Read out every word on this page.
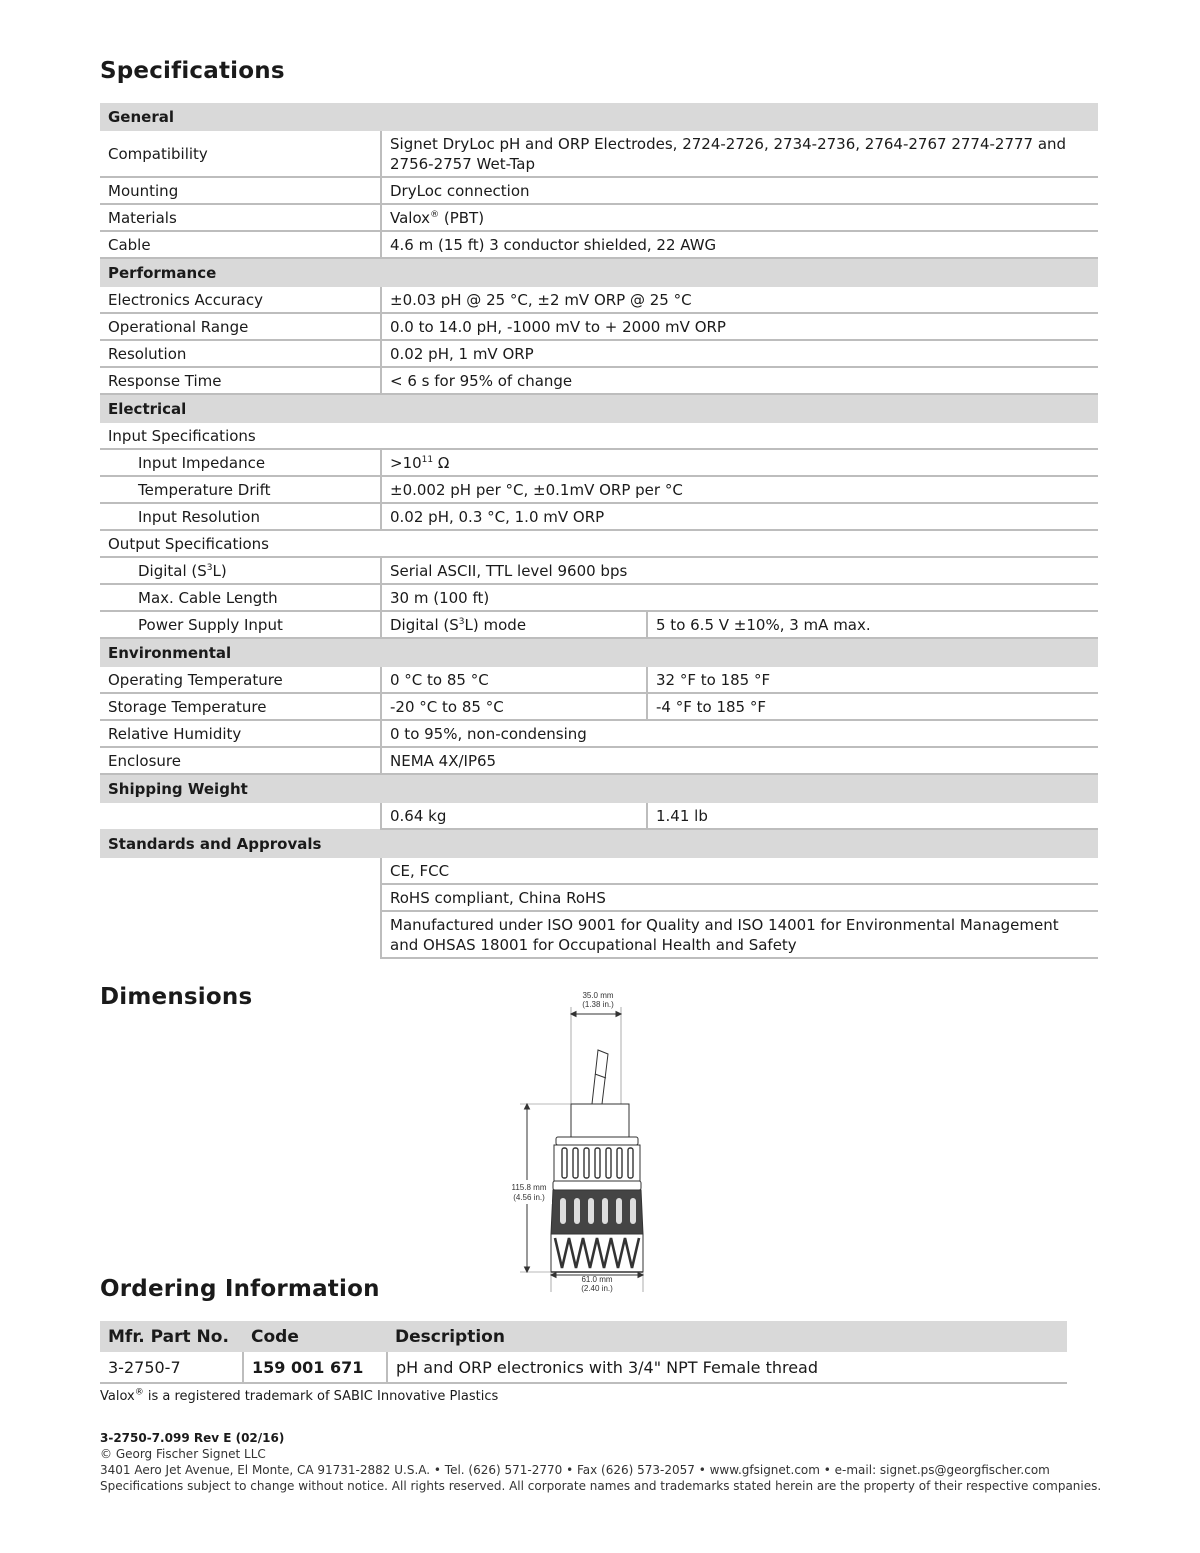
Specifications
General		
Compatibility	Signet DryLoc pH and ORP Electrodes, 2724-2726, 2734-2736, 2764-2767 2774-2777 and 2756-2757 Wet-Tap	
Mounting	DryLoc connection	
Materials	Valox® (PBT)	
Cable	4.6 m (15 ft) 3 conductor shielded, 22 AWG	
Performance		
Electronics Accuracy	±0.03 pH @ 25 °C, ±2 mV ORP @ 25 °C	
Operational Range	0.0 to 14.0 pH, -1000 mV to + 2000 mV ORP	
Resolution	0.02 pH, 1 mV ORP	
Response Time	< 6 s for 95% of change	
Electrical		
Input Specifications		
Input Impedance	$>10^{11}$ Ω	
Temperature Drift	±0.002 pH per °C, ±0.1mV ORP per °C	
Input Resolution	0.02 pH, 0.3 °C, 1.0 mV ORP	
Output Specifications		
Digital $(S^3L)$	Serial ASCII, TTL level 9600 bps	
Max. Cable Length	30 m (100 ft)	
Power Supply Input	Digital $(S^3L)$ mode	5 to 6.5 V ±10%, 3 mA max.
Environmental		
Operating Temperature	0 °C to 85 °C	32 °F to 185 °F
Storage Temperature	-20 °C to 85 °C	-4 °F to 185 °F
Relative Humidity	0 to 95%, non-condensing	
Enclosure	NEMA 4X/IP65	
Shipping Weight		
	0.64 kg	1.41 lb
Standards and Approvals		
	CE, FCC	
	RoHS compliant, China RoHS	
	Manufactured under ISO 9001 for Quality and ISO 14001 for Environmental Management and OHSAS 18001 for Occupational Health and Safety	
Dimensions	35.0 mm
(1.38 in.)
115.8 mm
(4.56 in.)
61.0 mm
(2.40 in.)
Ordering Information
Mfr. Part No.	Code	Description
3-2750-7	159 001 671	pH and ORP electronics with 3/4" NPT Female thread
Valox® is a registered trademark of SABIC Innovative Plastics
3-2750-7.099 Rev E (02/16)
© Georg Fischer Signet LLC
3401 Aero Jet Avenue, El Monte, CA 91731-2882 U.S.A. • Tel. (626) 571-2770 • Fax (626) 573-2057 • www.gfsignet.com • e-mail: signet.ps@georgfischer.com
Specifications subject to change without notice. All rights reserved. All corporate names and trademarks stated herein are the property of their respective companies.
